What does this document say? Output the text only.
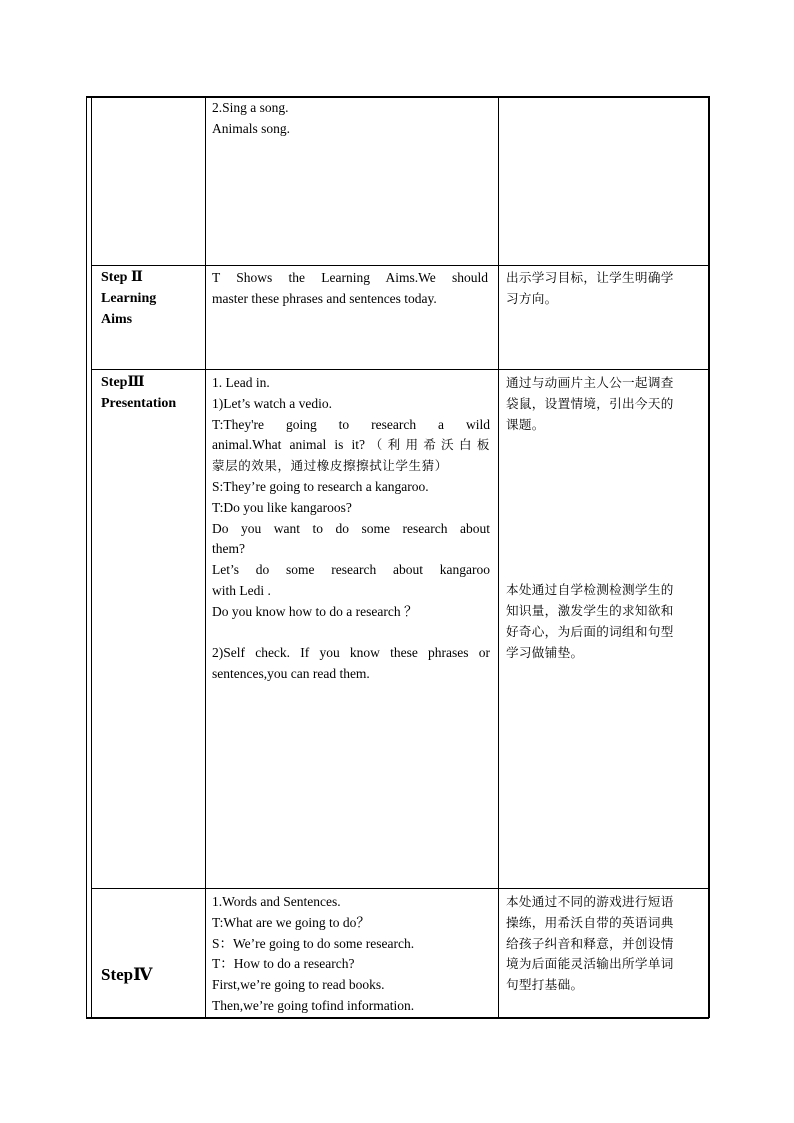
2.Sing a song.
Animals song.
Step Ⅱ
Learning
Aims
T Shows the Learning Aims.We should
master these phrases and sentences today.
出示学习目标，让学生明确学
习方向。
StepⅢ
Presentation
1. Lead in.
1)Let’s watch a vedio.
T:They're going to research a wild
animal.What animal is it?（利用希沃白板
蒙层的效果，通过橡皮擦擦拭让学生猜）
S:They’re going to research a kangaroo.
T:Do you like kangaroos?
Do you want to do some research about
them?
Let’s do some research about kangaroo
with Ledi .
Do you know how to do a research ？
2)Self check. If you know these phrases or
sentences,you can read them.
通过与动画片主人公一起调查
袋鼠，设置情境，引出今天的
课题。
本处通过自学检测检测学生的
知识量，激发学生的求知欲和
好奇心，为后面的词组和句型
学习做铺垫。
StepⅣ
1.Words and Sentences.
T:What are we going to do？
S：We’re going to do some research.
T：How to do a research?
First,we’re going to read books.
Then,we’re going tofind information.
本处通过不同的游戏进行短语
操练，用希沃自带的英语词典
给孩子纠音和释意，并创设情
境为后面能灵活输出所学单词
句型打基础。
